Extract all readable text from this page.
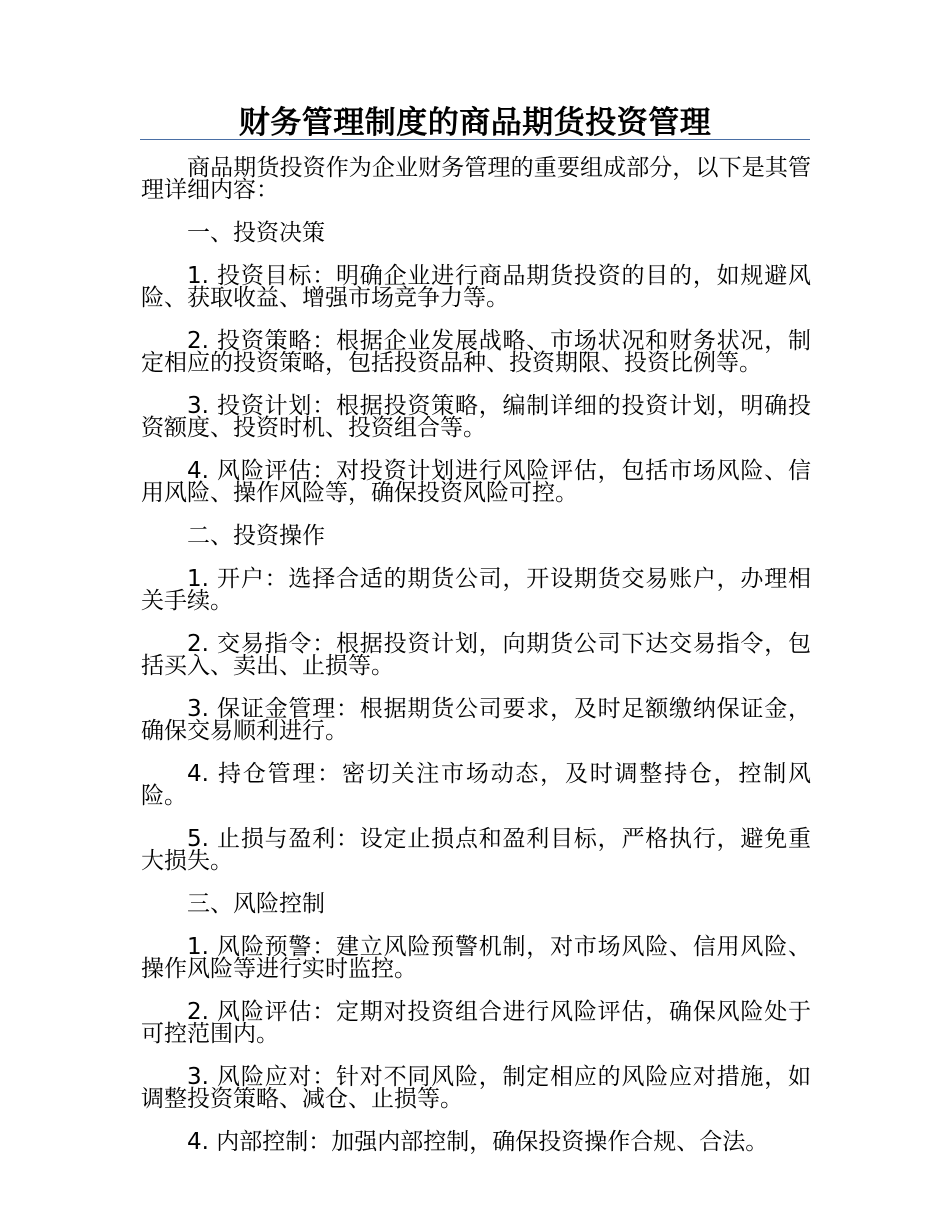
财务管理制度的商品期货投资管理

商品期货投资作为企业财务管理的重要组成部分，以下是其管理详细内容：

一、投资决策

1. 投资目标：明确企业进行商品期货投资的目的，如规避风险、获取收益、增强市场竞争力等。

2. 投资策略：根据企业发展战略、市场状况和财务状况，制定相应的投资策略，包括投资品种、投资期限、投资比例等。

3. 投资计划：根据投资策略，编制详细的投资计划，明确投资额度、投资时机、投资组合等。

4. 风险评估：对投资计划进行风险评估，包括市场风险、信用风险、操作风险等，确保投资风险可控。

二、投资操作

1. 开户：选择合适的期货公司，开设期货交易账户，办理相关手续。

2. 交易指令：根据投资计划，向期货公司下达交易指令，包括买入、卖出、止损等。

3. 保证金管理：根据期货公司要求，及时足额缴纳保证金，确保交易顺利进行。

4. 持仓管理：密切关注市场动态，及时调整持仓，控制风险。

5. 止损与盈利：设定止损点和盈利目标，严格执行，避免重大损失。

三、风险控制

1. 风险预警：建立风险预警机制，对市场风险、信用风险、操作风险等进行实时监控。

2. 风险评估：定期对投资组合进行风险评估，确保风险处于可控范围内。

3. 风险应对：针对不同风险，制定相应的风险应对措施，如调整投资策略、减仓、止损等。

4. 内部控制：加强内部控制，确保投资操作合规、合法。
